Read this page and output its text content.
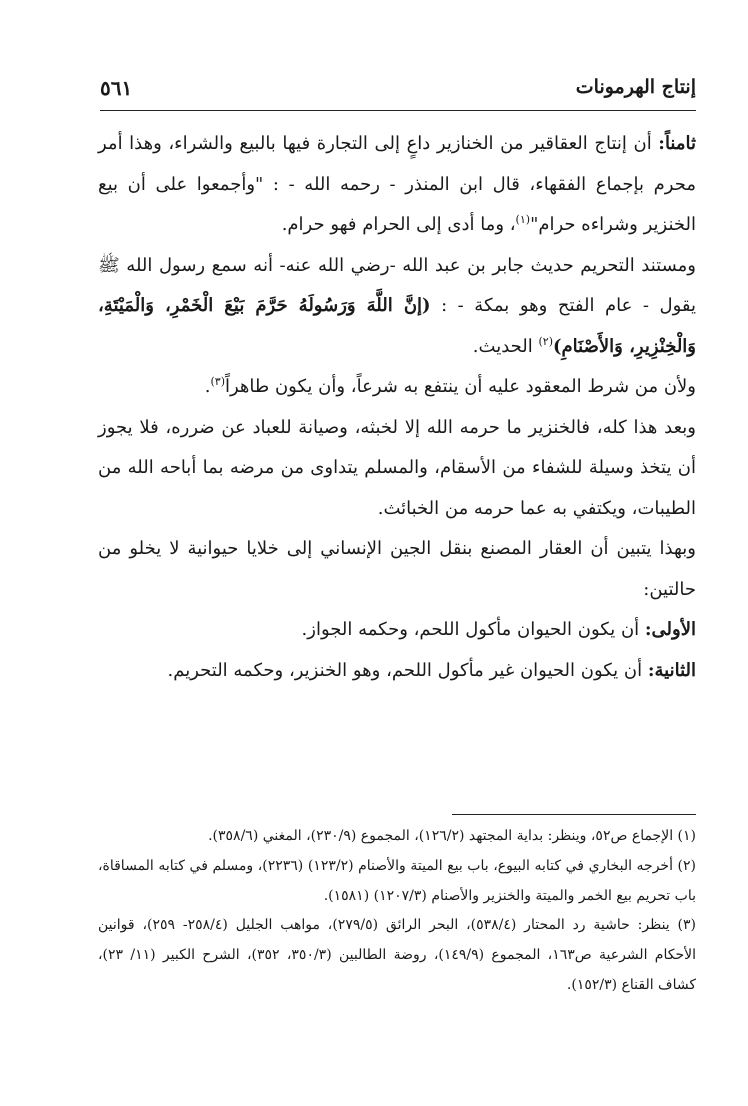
إنتاج الهرمونات
٥٦١

ثامناً: أن إنتاج العقاقير من الخنازير داعٍ إلى التجارة فيها بالبيع والشراء، وهذا أمر محرم بإجماع الفقهاء، قال ابن المنذر - رحمه الله - : "وأجمعوا على أن بيع الخنزير وشراءه حرام"$^{(١)}$، وما أدى إلى الحرام فهو حرام.

ومستند التحريم حديث جابر بن عبد الله -رضي الله عنه- أنه سمع رسول الله ﷺ يقول - عام الفتح وهو بمكة - : (إنَّ اللَّهَ وَرَسُولَهُ حَرَّمَ بَيْعَ الْخَمْرِ، وَالْمَيْتَةِ، وَالْخِنْزِيرِ، وَالأَصْنَامِ)$^{(٢)}$ الحديث.

ولأن من شرط المعقود عليه أن ينتفع به شرعاً، وأن يكون طاهراً$^{(٣)}$.

وبعد هذا كله، فالخنزير ما حرمه الله إلا لخبثه، وصيانة للعباد عن ضرره، فلا يجوز أن يتخذ وسيلة للشفاء من الأسقام، والمسلم يتداوى من مرضه بما أباحه الله من الطيبات، ويكتفي به عما حرمه من الخبائث.

وبهذا يتبين أن العقار المصنع بنقل الجين الإنساني إلى خلايا حيوانية لا يخلو من حالتين:

الأولى: أن يكون الحيوان مأكول اللحم، وحكمه الجواز.

الثانية: أن يكون الحيوان غير مأكول اللحم، وهو الخنزير، وحكمه التحريم.

(١) الإجماع ص٥٢، وينظر: بداية المجتهد (١٢٦/٢)، المجموع (٢٣٠/٩)، المغني (٣٥٨/٦).

(٢) أخرجه البخاري في كتابه البيوع، باب بيع الميتة والأصنام (١٢٣/٢) (٢٢٣٦)، ومسلم في كتابه المساقاة، باب تحريم بيع الخمر والميتة والخنزير والأصنام (١٢٠٧/٣) (١٥٨١).

(٣) ينظر: حاشية رد المحتار (٥٣٨/٤)، البحر الرائق (٢٧٩/٥)، مواهب الجليل (٢٥٨/٤- ٢٥٩)، قوانين الأحكام الشرعية ص١٦٣، المجموع (١٤٩/٩)، روضة الطالبين (٣٥٠/٣، ٣٥٢)، الشرح الكبير (١١/ ٢٣)، كشاف القناع (١٥٢/٣).
